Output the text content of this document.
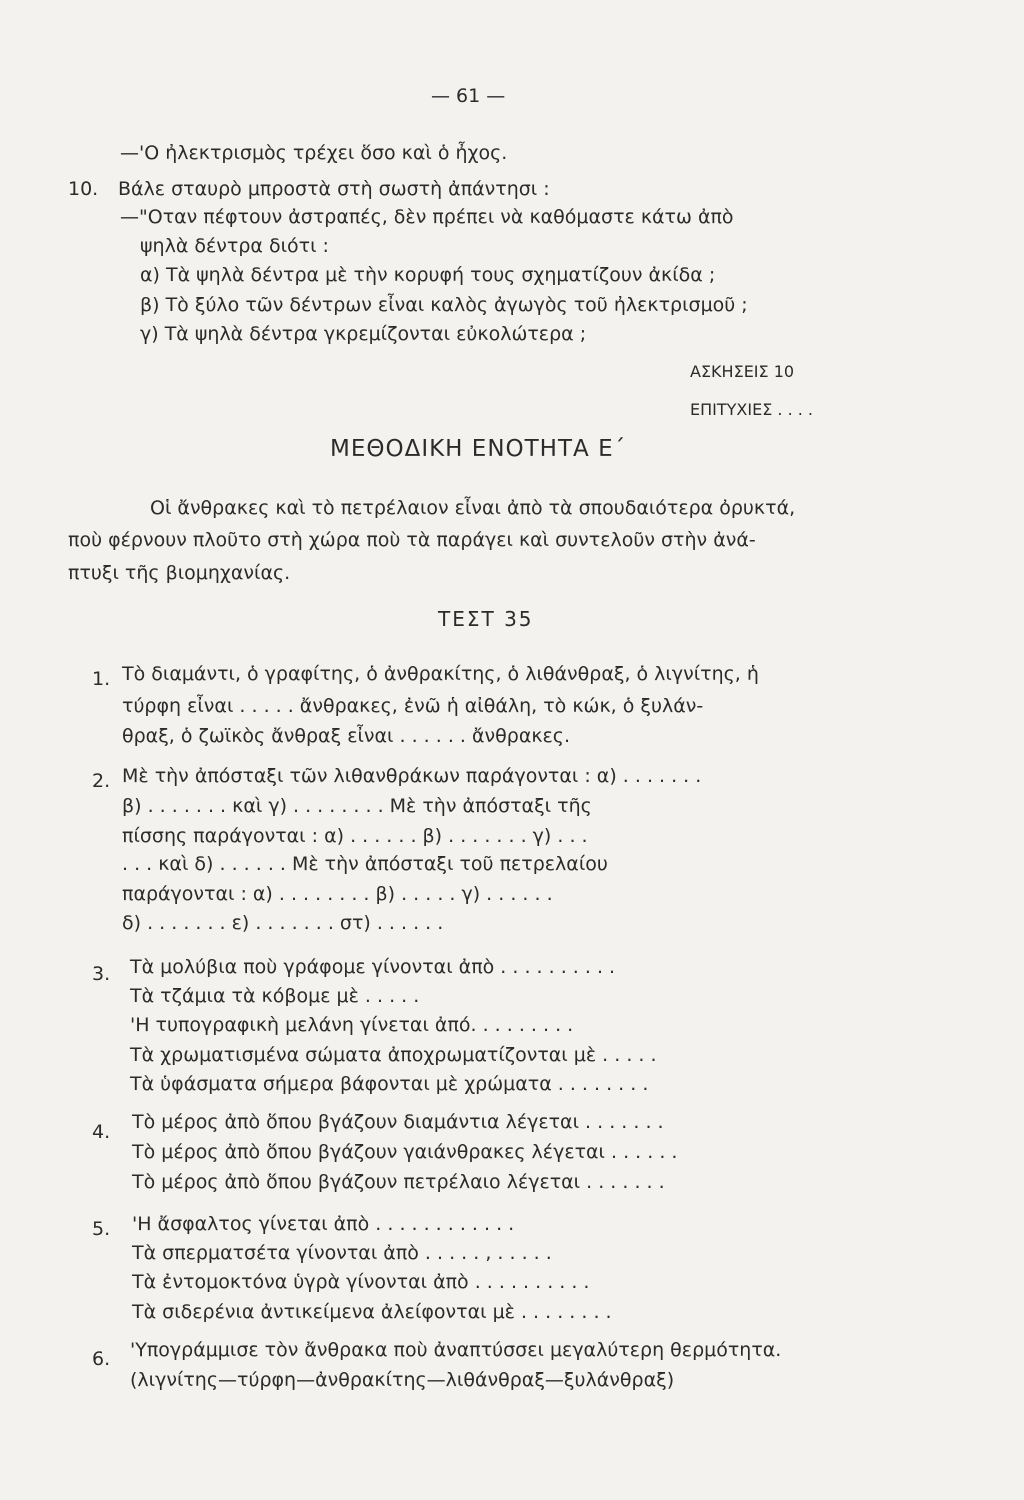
— 61 —
—'Ο ἠλεκτρισμὸς τρέχει ὅσο καὶ ὁ ἦχος.
10. Βάλε σταυρὸ μπροστὰ στὴ σωστὴ ἀπάντησι :
—"Οταν πέφτουν ἀστραπές, δὲν πρέπει νὰ καθόμαστε κάτω ἀπὸ
ψηλὰ δέντρα διότι :
α) Τὰ ψηλὰ δέντρα μὲ τὴν κορυφή τους σχηματίζουν ἀκίδα ;
β) Τὸ ξύλο τῶν δέντρων εἶναι καλὸς ἀγωγὸς τοῦ ἠλεκτρισμοῦ ;
γ) Τὰ ψηλὰ δέντρα γκρεμίζονται εὐκολώτερα ;
ΑΣΚΗΣΕΙΣ 10
ΕΠΙΤΥΧΙΕΣ . . . .
ΜΕΘΟΔΙΚΗ ΕΝΟΤΗΤΑ Ε΄
Οἱ ἄνθρακες καὶ τὸ πετρέλαιον εἶναι ἀπὸ τὰ σπουδαιότερα ὀρυκτά,
ποὺ φέρνουν πλοῦτο στὴ χώρα ποὺ τὰ παράγει καὶ συντελοῦν στὴν ἀνά-
πτυξι τῆς βιομηχανίας.
ΤΕΣΤ 35
1. Τὸ διαμάντι, ὁ γραφίτης, ὁ ἀνθρακίτης, ὁ λιθάνθραξ, ὁ λιγνίτης, ἡ
τύρφη εἶναι . . . . . ἄνθρακες, ἐνῶ ἡ αἰθάλη, τὸ κώκ, ὁ ξυλάν-
θραξ, ὁ ζωϊκὸς ἄνθραξ εἶναι . . . . . . ἄνθρακες.
2. Μὲ τὴν ἀπόσταξι τῶν λιθανθράκων παράγονται : α) . . . . . . .
β) . . . . . . . καὶ γ) . . . . . . . . Μὲ τὴν ἀπόσταξι τῆς
πίσσης παράγονται : α) . . . . . . β) . . . . . . . γ) . . .
. . . καὶ δ) . . . . . . Μὲ τὴν ἀπόσταξι τοῦ πετρελαίου
παράγονται : α) . . . . . . . . β) . . . . . γ) . . . . . .
δ) . . . . . . . ε) . . . . . . . στ) . . . . . .
3. Τὰ μολύβια ποὺ γράφομε γίνονται ἀπὸ . . . . . . . . . .
Τὰ τζάμια τὰ κόβομε μὲ . . . . .
'Η τυπογραφικὴ μελάνη γίνεται ἀπό. . . . . . . . .
Τὰ χρωματισμένα σώματα ἀποχρωματίζονται μὲ . . . . .
Τὰ ὑφάσματα σήμερα βάφονται μὲ χρώματα . . . . . . . .
4. Τὸ μέρος ἀπὸ ὅπου βγάζουν διαμάντια λέγεται . . . . . . .
Τὸ μέρος ἀπὸ ὅπου βγάζουν γαιάνθρακες λέγεται . . . . . .
Τὸ μέρος ἀπὸ ὅπου βγάζουν πετρέλαιο λέγεται . . . . . . .
5. 'Η ἄσφαλτος γίνεται ἀπὸ . . . . . . . . . . . .
Τὰ σπερματσέτα γίνονται ἀπὸ . . . . . , . . . . .
Τὰ ἐντομοκτόνα ὑγρὰ γίνονται ἀπὸ . . . . . . . . . .
Τὰ σιδερένια ἀντικείμενα ἀλείφονται μὲ . . . . . . . .
6. 'Υπογράμμισε τὸν ἄνθρακα ποὺ ἀναπτύσσει μεγαλύτερη θερμότητα.
(λιγνίτης—τύρφη—ἀνθρακίτης—λιθάνθραξ—ξυλάνθραξ)
